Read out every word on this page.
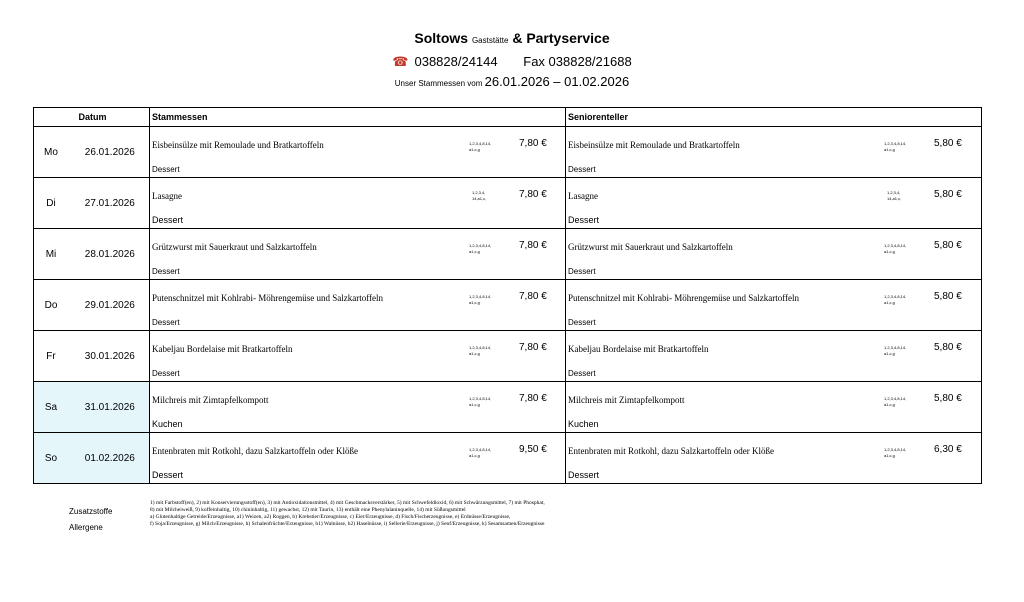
Soltows Gaststätte & Partyservice
☎ 038828/24144 Fax 038828/21688
Unser Stammessen vom 26.01.2026 – 01.02.2026
Datum	Stammessen	Seniorenteller
Mo 26.01.2026	Eisbeinsülze mit Remoulade und Bratkartoffeln 1,2,3,4,8,14,
a1,c,g
7,80 €
Dessert	Eisbeinsülze mit Remoulade und Bratkartoffeln 1,2,3,4,8,14,
a1,c,g
5,80 €
Dessert

Di 27.01.2026	Lasagne 1,2,3,4,
14,a1,c, 7,80 €
Dessert	Lasagne 1,2,3,4,
14,a1,c, 5,80 €
Dessert

Mi 28.01.2026	Grützwurst mit Sauerkraut und Salzkartoffeln 1,2,3,4,8,14,
a1,c,g
7,80 €
Dessert	Grützwurst mit Sauerkraut und Salzkartoffeln 1,2,3,4,8,14,
a1,c,g
5,80 €
Dessert

Do 29.01.2026	Putenschnitzel mit Kohlrabi- Möhrengemüse und Salzkartoffeln 1,2,3,4,8,14,
a1,c,g
7,80 €
Dessert	Putenschnitzel mit Kohlrabi- Möhrengemüse und Salzkartoffeln 1,2,3,4,8,14,
a1,c,g
5,80 €
Dessert

Fr 30.01.2026	Kabeljau Bordelaise mit Bratkartoffeln 1,2,3,4,8,14,
a1,c,g
7,80 €
Dessert	Kabeljau Bordelaise mit Bratkartoffeln 1,2,3,4,8,14,
a1,c,g
5,80 €
Dessert

Sa 31.01.2026	Milchreis mit Zimtapfelkompott 1,2,3,4,8,14,
a1,c,g
7,80 €
Kuchen	Milchreis mit Zimtapfelkompott 1,2,3,4,8,14,
a1,c,g
5,80 €
Kuchen

So 01.02.2026	Entenbraten mit Rotkohl, dazu Salzkartoffeln oder Klöße 1,2,3,4,8,14,
a1,c,g
9,50 €
Dessert	Entenbraten mit Rotkohl, dazu Salzkartoffeln oder Klöße 1,2,3,4,8,14,
a1,c,g
6,30 €
Dessert
Zusatzstoffe
Allergene
1) mit Farbstoff(en), 2) mit Konservierungsstoff(en), 3) mit Antioxidationsmittel, 4) mit Geschmacksverstärker, 5) mit Schwefeldioxid, 6) mit Schwärzungsmittel, 7) mit Phosphat,
8) mit Milcheiweiß, 9) koffeinhaltig, 10) chininhaltig, 11) gewachst, 12) mit Taurin, 13) enthält eine Phenylalaninquelle, 14) mit Süßungsmittel
a) Glutenhaltige Getreide/Erzeugnisse, a1) Weizen, a2) Roggen, b) Krebstier/Erzeugnisse, c) Eier/Erzeugnisse, d) Fisch/Fischerzeugnisse, e) Erdnüsse/Erzeugnisse,
f) Soja/Erzeugnisse, g) Milch/Erzeugnisse, h) Schalenfrüchte/Erzeugnisse, h1) Walnüsse, h2) Haselnüsse, i) Sellerie/Erzeugnisse, j) Senf/Erzeugnisse, k) Sesamsamen/Erzeugnisse
